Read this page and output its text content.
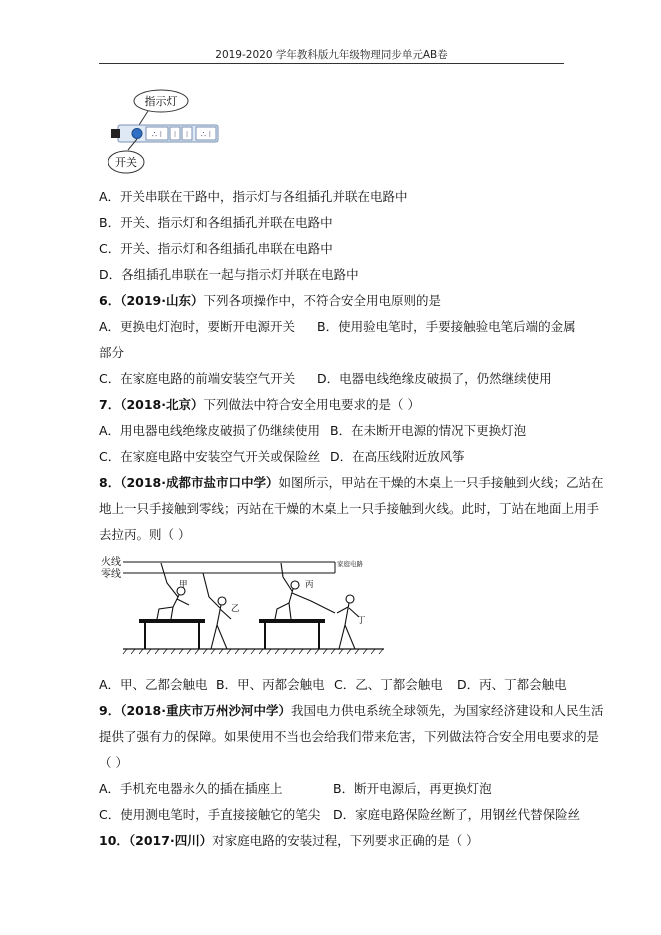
2019-2020 学年教科版九年级物理同步单元AB卷
指示灯
∴ ⁝ ⁝ ⁝ ∴ ⁝
开关
A．开关串联在干路中，指示灯与各组插孔并联在电路中
B．开关、指示灯和各组插孔并联在电路中
C．开关、指示灯和各组插孔串联在电路中
D．各组插孔串联在一起与指示灯并联在电路中
6．（2019·山东）下列各项操作中，不符合安全用电原则的是
A．更换电灯泡时，要断开电源开关 B．使用验电笔时，手要接触验电笔后端的金属
部分
C．在家庭电路的前端安装空气开关 D．电器电线绝缘皮破损了，仍然继续使用
7．（2018·北京）下列做法中符合安全用电要求的是（ ）
A．用电器电线绝缘皮破损了仍继续使用 B．在未断开电源的情况下更换灯泡
C．在家庭电路中安装空气开关或保险丝 D．在高压线附近放风筝
8．（2018·成都市盐市口中学）如图所示，甲站在干燥的木桌上一只手接触到火线；乙站在
地上一只手接触到零线；丙站在干燥的木桌上一只手接触到火线。此时，丁站在地面上用手
去拉丙。则（ ）
火线
零线
家庭电路
甲
乙
丙
丁
A．甲、乙都会触电 B．甲、丙都会触电 C．乙、丁都会触电 D．丙、丁都会触电
9．（2018·重庆市万州沙河中学）我国电力供电系统全球领先，为国家经济建设和人民生活
提供了强有力的保障。如果使用不当也会给我们带来危害，下列做法符合安全用电要求的是
（ ）
A．手机充电器永久的插在插座上	B．断开电源后，再更换灯泡
C．使用测电笔时，手直接接触它的笔尖 D．家庭电路保险丝断了，用钢丝代替保险丝
10．（2017·四川）对家庭电路的安装过程，下列要求正确的是（ ）
